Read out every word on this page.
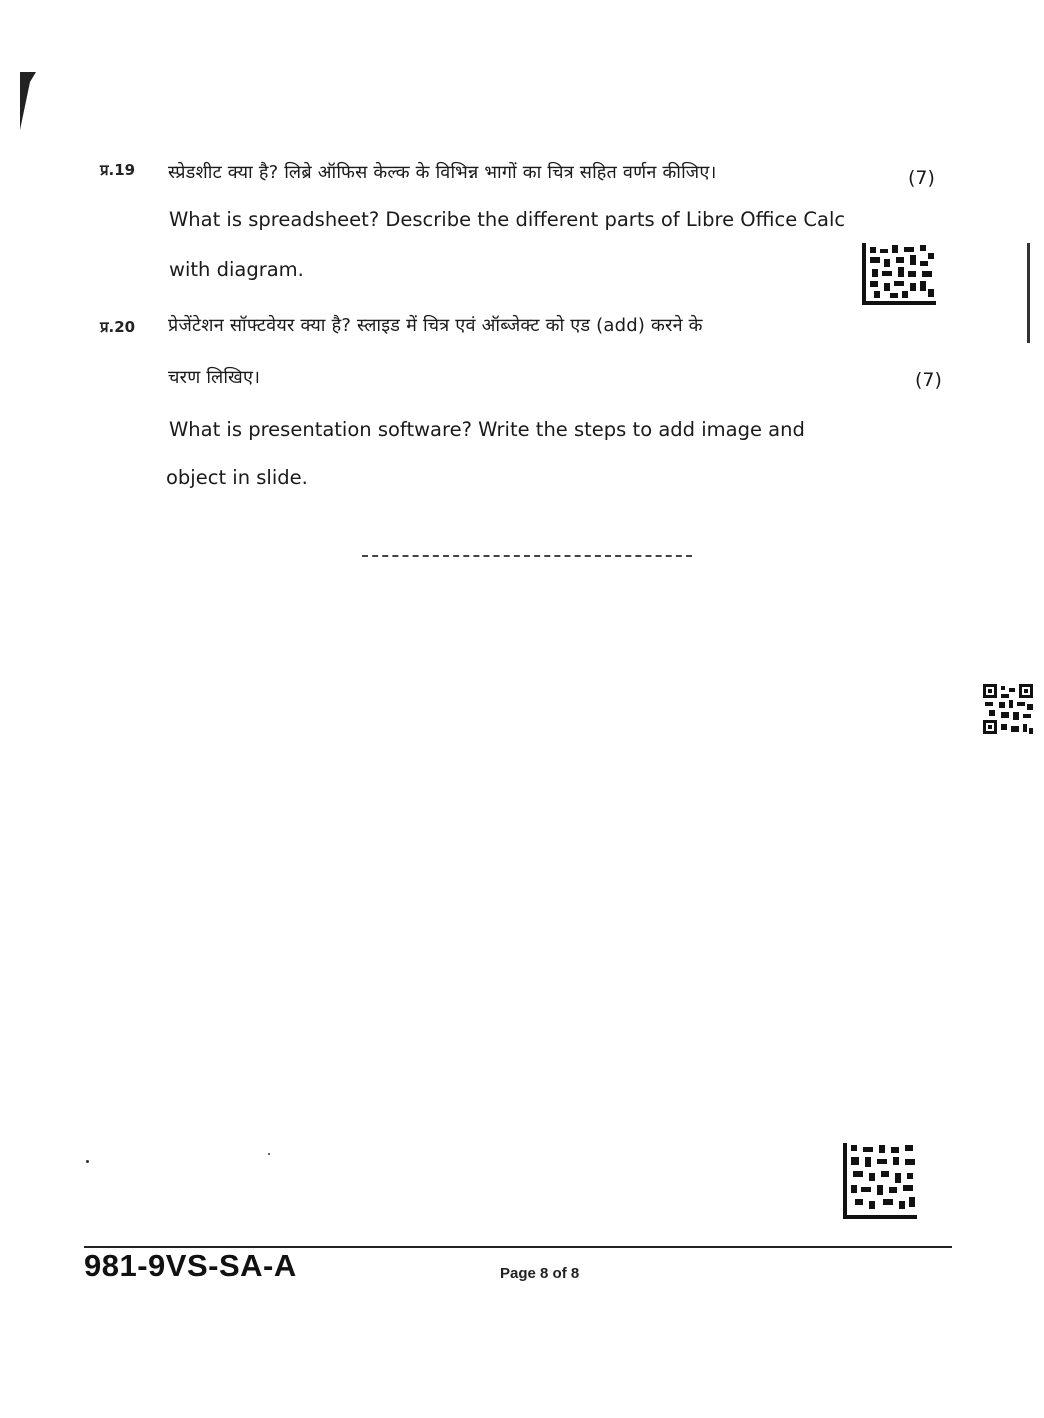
प्र.19 स्प्रेडशीट क्या है? लिब्रे ऑफिस केल्क के विभिन्न भागों का चित्र सहित वर्णन कीजिए।	(7)
What is spreadsheet? Describe the different parts of Libre Office Calc
with diagram.
प्र.20 प्रेजेंटेशन सॉफ्टवेयर क्या है? स्लाइड में चित्र एवं ऑब्जेक्ट को एड (add) करने के
चरण लिखिए।	(7)
What is presentation software? Write the steps to add image and
object in slide.
981-9VS-SA-A	Page 8 of 8
